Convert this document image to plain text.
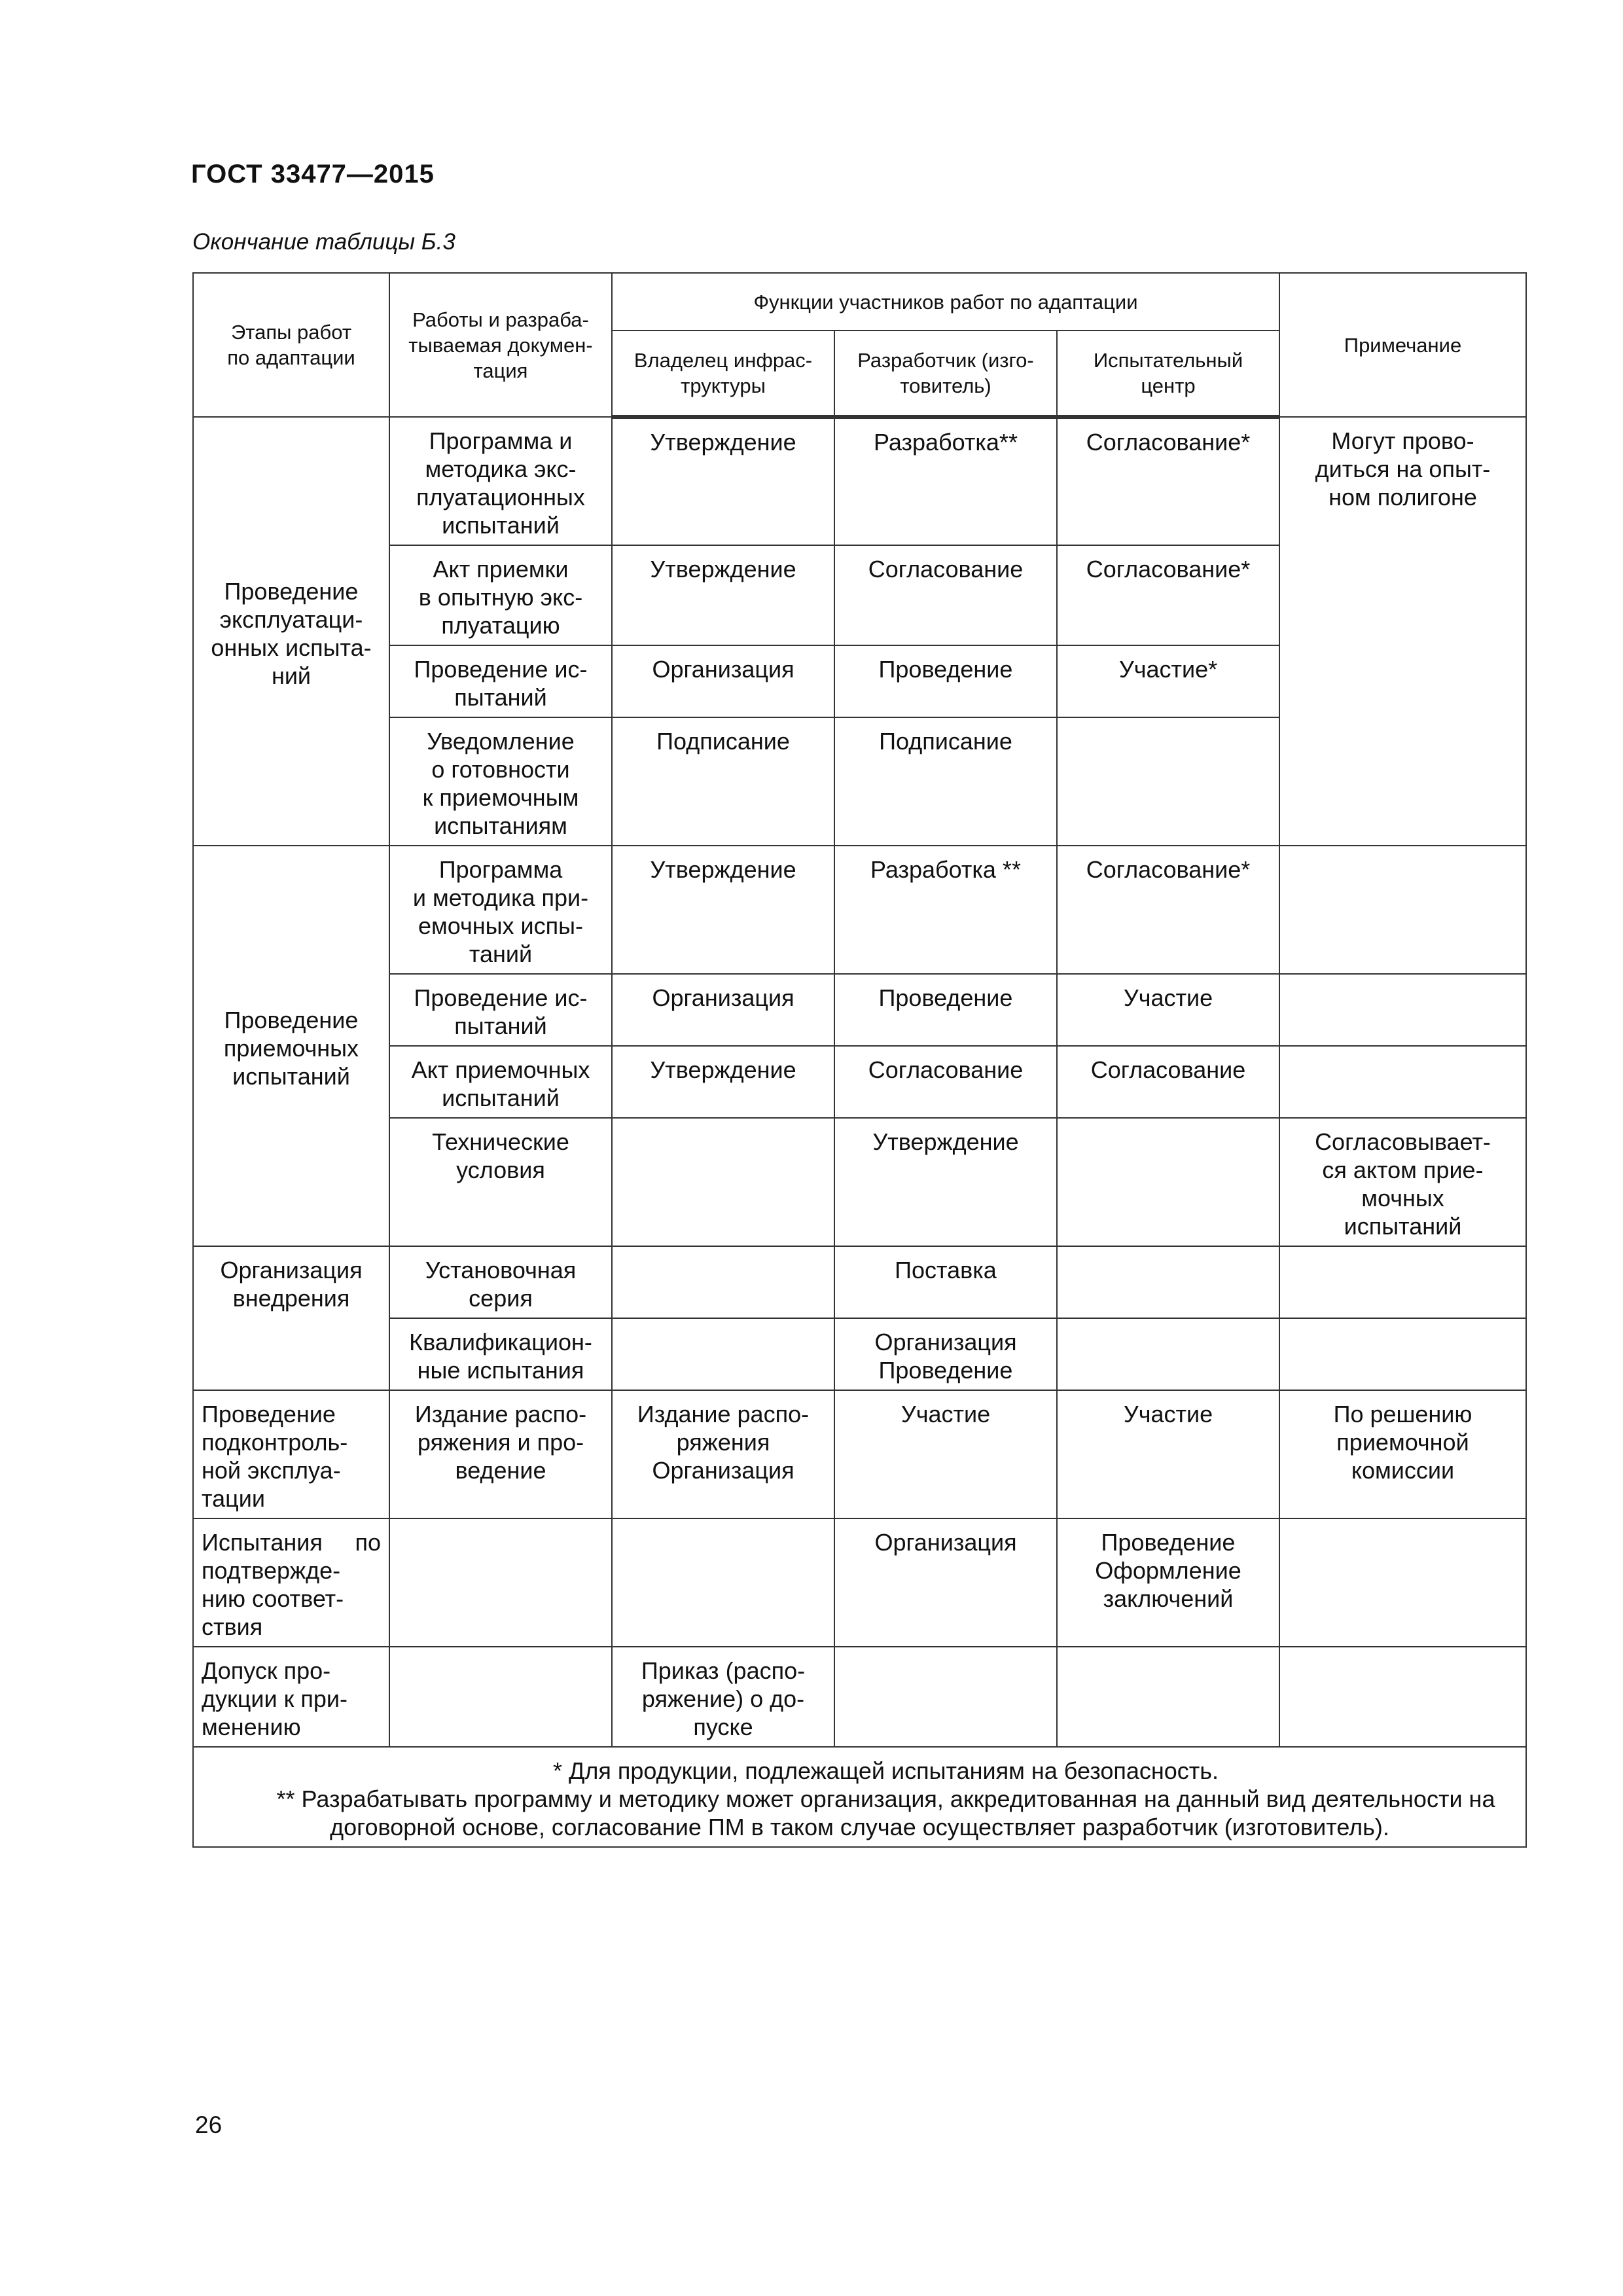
ГОСТ 33477—2015
Окончание таблицы Б.3
Этапы работ
по адаптации	Работы и разраба-
тываемая докумен-
тация	Функции участников работ по адаптации			Примечание

		Владелец инфрас-
труктуры	Разработчик (изго-
товитель)	Испытательный
центр	

Проведение
эксплуатаци-
онных испыта-
ний	Программа и
методика экс-
плуатационных
испытаний	Утверждение	Разработка**	Согласование*	Могут прово-
диться на опыт-
ном полигоне

	Акт приемки
в опытную экс-
плуатацию	Утверждение	Согласование	Согласование*	

	Проведение ис-
пытаний	Организация	Проведение	Участие*	

	Уведомление
о готовности
к приемочным
испытаниям	Подписание	Подписание		

Проведение
приемочных
испытаний	Программа
и методика при-
емочных испы-
таний	Утверждение	Разработка **	Согласование*	

	Проведение ис-
пытаний	Организация	Проведение	Участие	

	Акт приемочных
испытаний	Утверждение	Согласование	Согласование	

	Технические
условия		Утверждение		Согласовывает-
ся актом прие-
мочных
испытаний

Организация
внедрения	Установочная
серия		Поставка		

	Квалификацион-
ные испытания		Организация
Проведение		

Проведение подконтроль-
ной эксплуа-
тации	Издание распо-
ряжения и про-
ведение	Издание распо-
ряжения
Организация	Участие	Участие	По решению
приемочной
комиссии

Испытания по подтвержде-
нию соответ-
ствия			Организация	Проведение
Оформление
заключений	

Допуск про-
дукции к при-
менению		Приказ (распо-
ряжение) о до-
пуске			

* Для продукции, подлежащей испытаниям на безопасность.
** Разрабатывать программу и методику может организация, аккредитованная на данный вид деятельности на договорной основе, согласование ПМ в таком случае осуществляет разработчик (изготовитель).					
26
